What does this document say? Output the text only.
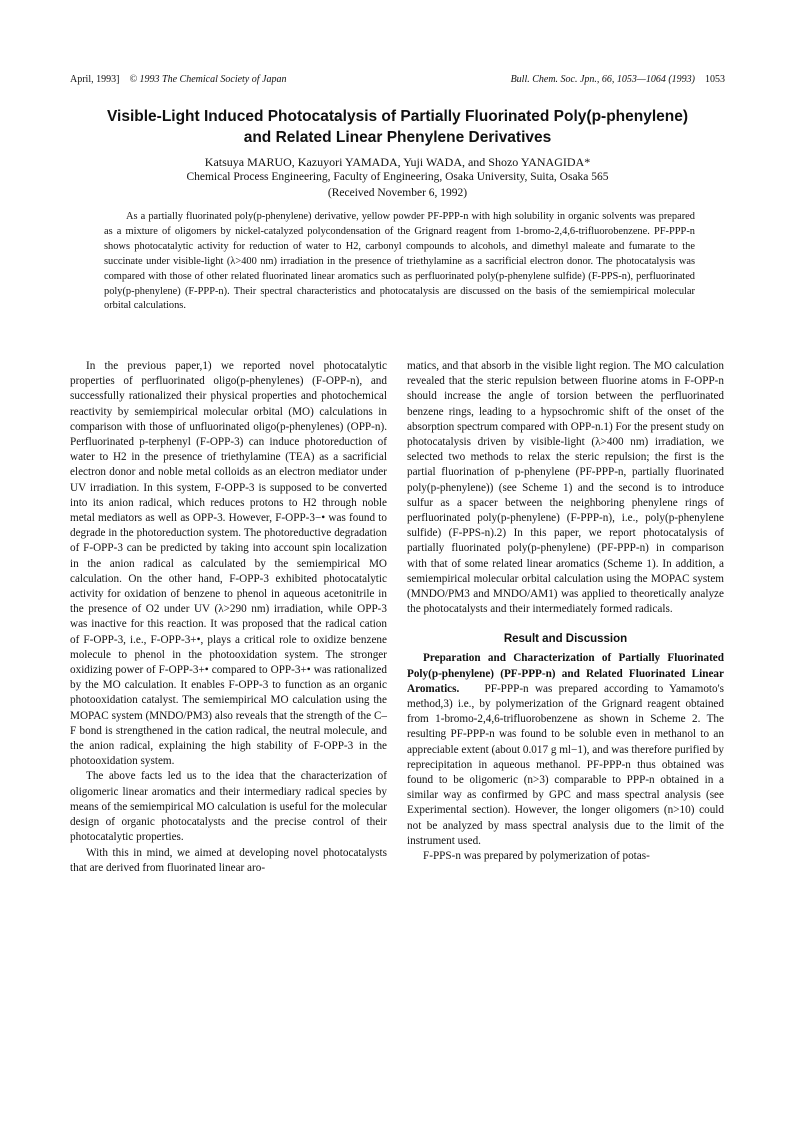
April, 1993] © 1993 The Chemical Society of Japan	Bull. Chem. Soc. Jpn., 66, 1053—1064 (1993) 1053
Visible-Light Induced Photocatalysis of Partially Fluorinated Poly(p-phenylene)
and Related Linear Phenylene Derivatives
Katsuya MARUO, Kazuyori YAMADA, Yuji WADA, and Shozo YANAGIDA*
Chemical Process Engineering, Faculty of Engineering, Osaka University, Suita, Osaka 565
(Received November 6, 1992)

As a partially fluorinated poly(p-phenylene) derivative, yellow powder PF-PPP-n with high solubility in organic solvents was prepared as a mixture of oligomers by nickel-catalyzed polycondensation of the Grignard reagent from 1-bromo-2,4,6-trifluorobenzene. PF-PPP-n shows photocatalytic activity for reduction of water to H2, carbonyl compounds to alcohols, and dimethyl maleate and fumarate to the succinate under visible-light (λ>400 nm) irradiation in the presence of triethylamine as a sacrificial electron donor. The photocatalysis was compared with those of other related fluorinated linear aromatics such as perfluorinated poly(p-phenylene sulfide) (F-PPS-n), perfluorinated poly(p-phenylene) (F-PPP-n). Their spectral characteristics and photocatalysis are discussed on the basis of the semiempirical molecular orbital calculations.

In the previous paper,1) we reported novel photocatalytic properties of perfluorinated oligo(p-phenylenes) (F-OPP-n), and successfully rationalized their physical properties and photochemical reactivity by semiempirical molecular orbital (MO) calculations in comparison with those of unfluorinated oligo(p-phenylenes) (OPP-n). Perfluorinated p-terphenyl (F-OPP-3) can induce photoreduction of water to H2 in the presence of triethylamine (TEA) as a sacrificial electron donor and noble metal colloids as an electron mediator under UV irradiation. In this system, F-OPP-3 is supposed to be converted into its anion radical, which reduces protons to H2 through noble metal mediators as well as OPP-3. However, F-OPP-3−• was found to degrade in the photoreduction system. The photoreductive degradation of F-OPP-3 can be predicted by taking into account spin localization in the anion radical as calculated by the semiempirical MO calculation. On the other hand, F-OPP-3 exhibited photocatalytic activity for oxidation of benzene to phenol in aqueous acetonitrile in the presence of O2 under UV (λ>290 nm) irradiation, while OPP-3 was inactive for this reaction. It was proposed that the radical cation of F-OPP-3, i.e., F-OPP-3+•, plays a critical role to oxidize benzene molecule to phenol in the photooxidation system. The stronger oxidizing power of F-OPP-3+• compared to OPP-3+• was rationalized by the MO calculation. It enables F-OPP-3 to function as an organic photooxidation catalyst. The semiempirical MO calculation using the MOPAC system (MNDO/PM3) also reveals that the strength of the C–F bond is strengthened in the cation radical, the neutral molecule, and the anion radical, explaining the high stability of F-OPP-3 in the photooxidation system.

The above facts led us to the idea that the characterization of oligomeric linear aromatics and their intermediary radical species by means of the semiempirical MO calculation is useful for the molecular design of organic photocatalysts and the precise control of their photocatalytic properties.

With this in mind, we aimed at developing novel photocatalysts that are derived from fluorinated linear aro-

matics, and that absorb in the visible light region. The MO calculation revealed that the steric repulsion between fluorine atoms in F-OPP-n should increase the angle of torsion between the perfluorinated benzene rings, leading to a hypsochromic shift of the onset of the absorption spectrum compared with OPP-n.1) For the present study on photocatalysis driven by visible-light (λ>400 nm) irradiation, we selected two methods to relax the steric repulsion; the first is the partial fluorination of p-phenylene (PF-PPP-n, partially fluorinated poly(p-phenylene)) (see Scheme 1) and the second is to introduce sulfur as a spacer between the neighboring phenylene rings of perfluorinated poly(p-phenylene) (F-PPP-n), i.e., poly(p-phenylene sulfide) (F-PPS-n).2) In this paper, we report photocatalysis of partially fluorinated poly(p-phenylene) (PF-PPP-n) in comparison with that of some related linear aromatics (Scheme 1). In addition, a semiempirical molecular orbital calculation using the MOPAC system (MNDO/PM3 and MNDO/AM1) was applied to theoretically analyze the photocatalysts and their intermediately formed radicals.

Result and Discussion

Preparation and Characterization of Partially Fluorinated Poly(p-phenylene) (PF-PPP-n) and Related Fluorinated Linear Aromatics. PF-PPP-n was prepared according to Yamamoto's method,3) i.e., by polymerization of the Grignard reagent obtained from 1-bromo-2,4,6-trifluorobenzene as shown in Scheme 2. The resulting PF-PPP-n was found to be soluble even in methanol to an appreciable extent (about 0.017 g ml−1), and was therefore purified by reprecipitation in aqueous methanol. PF-PPP-n thus obtained was found to be oligomeric (n>3) comparable to PPP-n obtained in a similar way as confirmed by GPC and mass spectral analysis (see Experimental section). However, the longer oligomers (n>10) could not be analyzed by mass spectral analysis due to the limit of the instrument used.

F-PPS-n was prepared by polymerization of potas-
